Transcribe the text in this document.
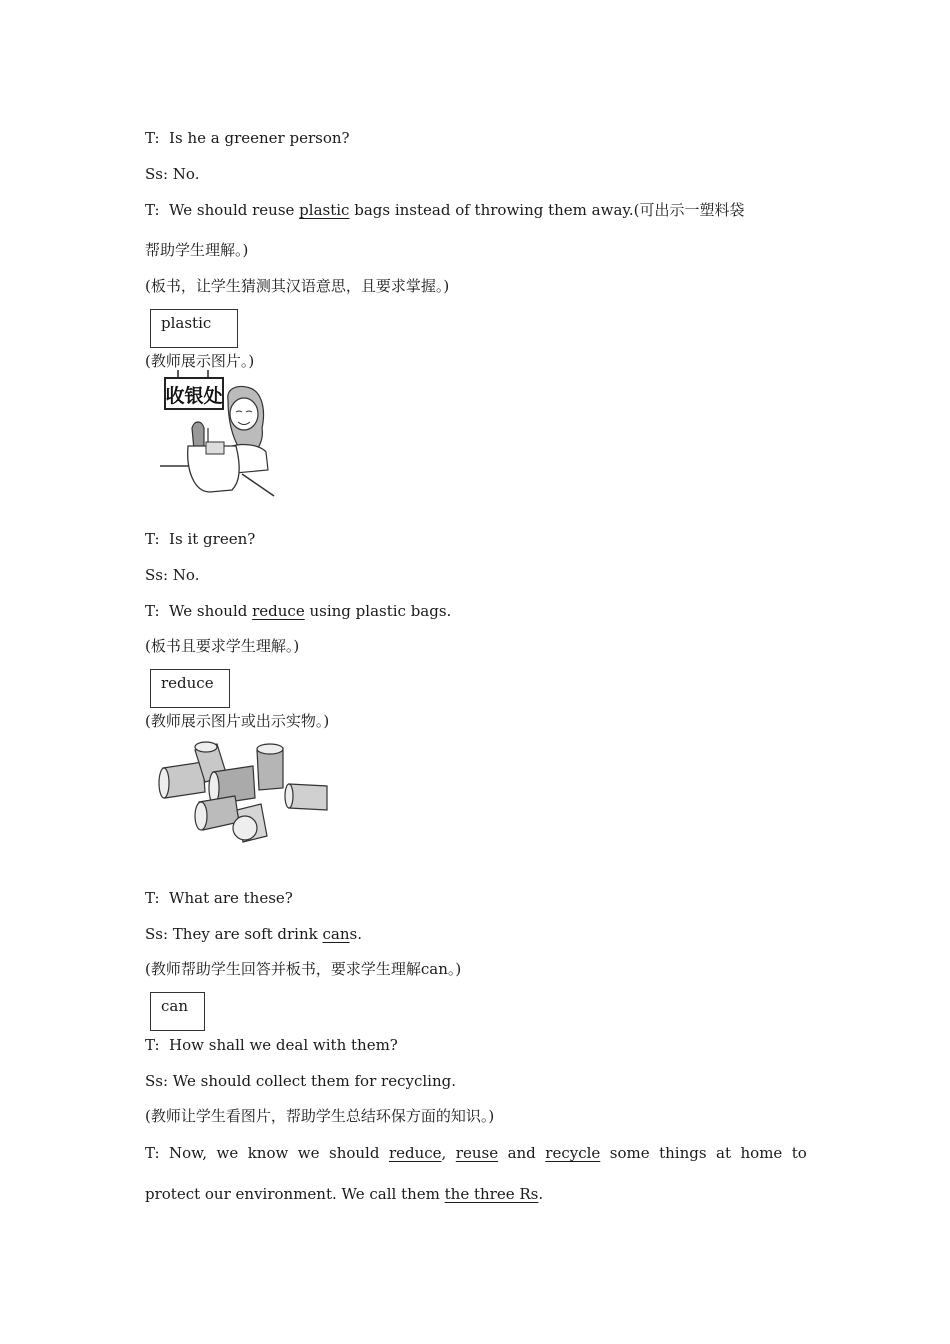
T:  Is he a greener person?
Ss: No.
T:  We should reuse plastic bags instead of throwing them away.(可出示一塑料袋
帮助学生理解。)
(板书，让学生猜测其汉语意思，且要求掌握。)
plastic
(教师展示图片。)
收银处
T:  Is it green?
Ss: No.
T:  We should reduce using plastic bags.
(板书且要求学生理解。)
reduce
(教师展示图片或出示实物。)
T:  What are these?
Ss: They are soft drink cans.
(教师帮助学生回答并板书，要求学生理解can。)
can
T:  How shall we deal with them?
Ss: We should collect them for recycling.
(教师让学生看图片，帮助学生总结环保方面的知识。)
T: Now, we know we should reduce, reuse and recycle some things at home to
protect our environment. We call them the three Rs.
